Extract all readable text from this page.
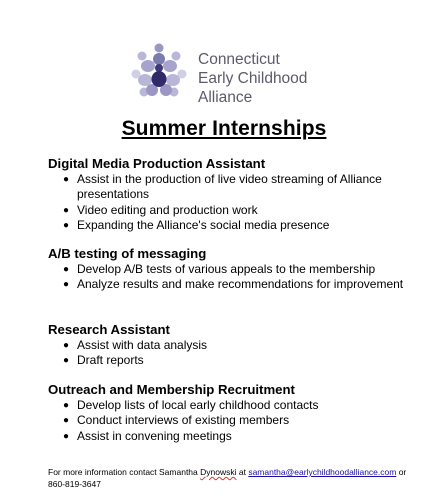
Connecticut
Early Childhood
Alliance
Summer Internships
Digital Media Production Assistant
● Assist in the production of live video streaming of Alliance presentations
● Video editing and production work
● Expanding the Alliance's social media presence
A/B testing of messaging
● Develop A/B tests of various appeals to the membership
● Analyze results and make recommendations for improvement
Research Assistant
● Assist with data analysis
● Draft reports
Outreach and Membership Recruitment
● Develop lists of local early childhood contacts
● Conduct interviews of existing members
● Assist in convening meetings
For more information contact Samantha Dynowski at samantha@earlychildhoodalliance.com or
860-819-3647
